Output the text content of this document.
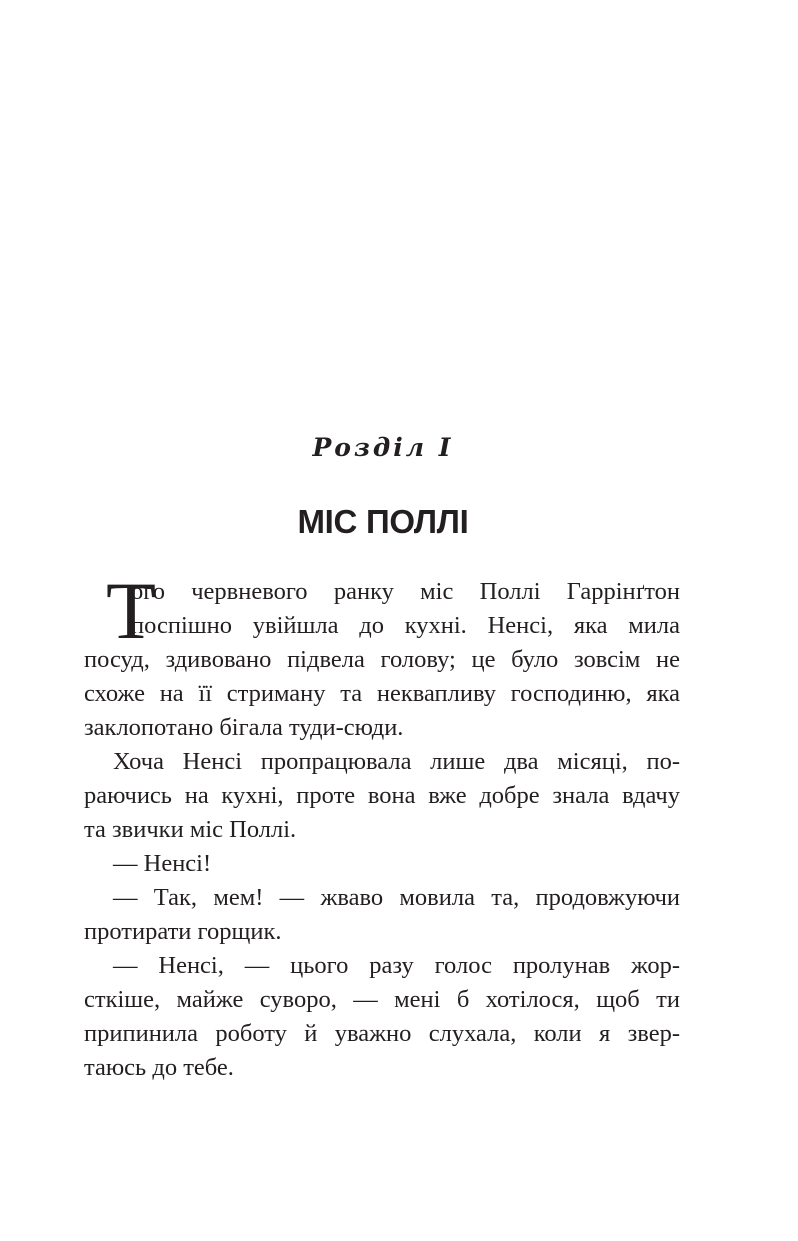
Розділ I
МІС ПОЛЛІ
Т
ого червневого ранку міс Поллі Гаррінґтон
поспішно увійшла до кухні. Ненсі, яка мила
посуд, здивовано підвела голову; це було зовсім не
схоже на її стриману та неквапливу господиню, яка
заклопотано бігала туди-сюди.
Хоча Ненсі пропрацювала лише два місяці, по-
раючись на кухні, проте вона вже добре знала вдачу
та звички міс Поллі.
— Ненсі!
— Так, мем! — жваво мовила та, продовжуючи
протирати горщик.
— Ненсі, — цього разу голос пролунав жор-
сткіше, майже суворо, — мені б хотілося, щоб ти
припинила роботу й уважно слухала, коли я звер-
таюсь до тебе.
